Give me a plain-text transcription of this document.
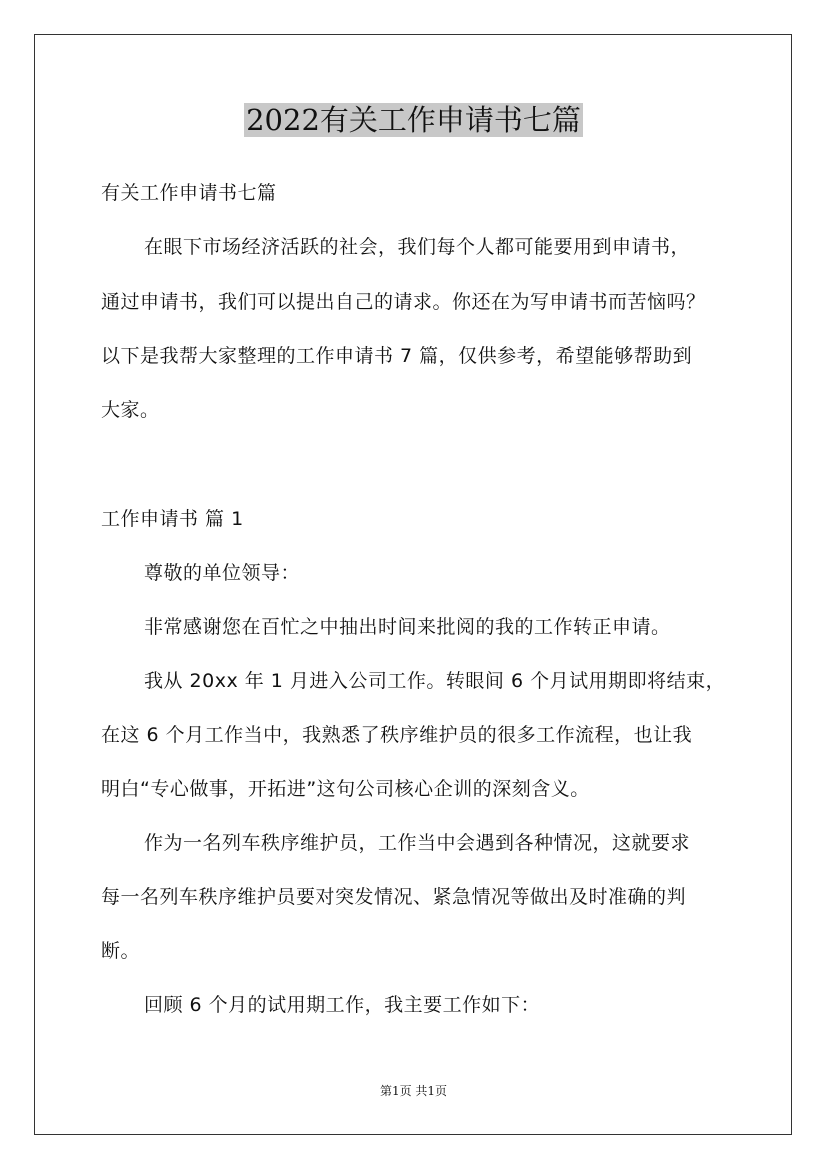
2022有关工作申请书七篇
有关工作申请书七篇
在眼下市场经济活跃的社会，我们每个人都可能要用到申请书，
通过申请书，我们可以提出自己的请求。你还在为写申请书而苦恼吗？
以下是我帮大家整理的工作申请书 7 篇，仅供参考，希望能够帮助到
大家。
工作申请书 篇 1
尊敬的单位领导：
非常感谢您在百忙之中抽出时间来批阅的我的工作转正申请。
我从 20xx 年 1 月进入公司工作。转眼间 6 个月试用期即将结束，
在这 6 个月工作当中，我熟悉了秩序维护员的很多工作流程，也让我
明白“专心做事，开拓进”这句公司核心企训的深刻含义。
作为一名列车秩序维护员，工作当中会遇到各种情况，这就要求
每一名列车秩序维护员要对突发情况、紧急情况等做出及时准确的判
断。
回顾 6 个月的试用期工作，我主要工作如下：
第1页 共1页
